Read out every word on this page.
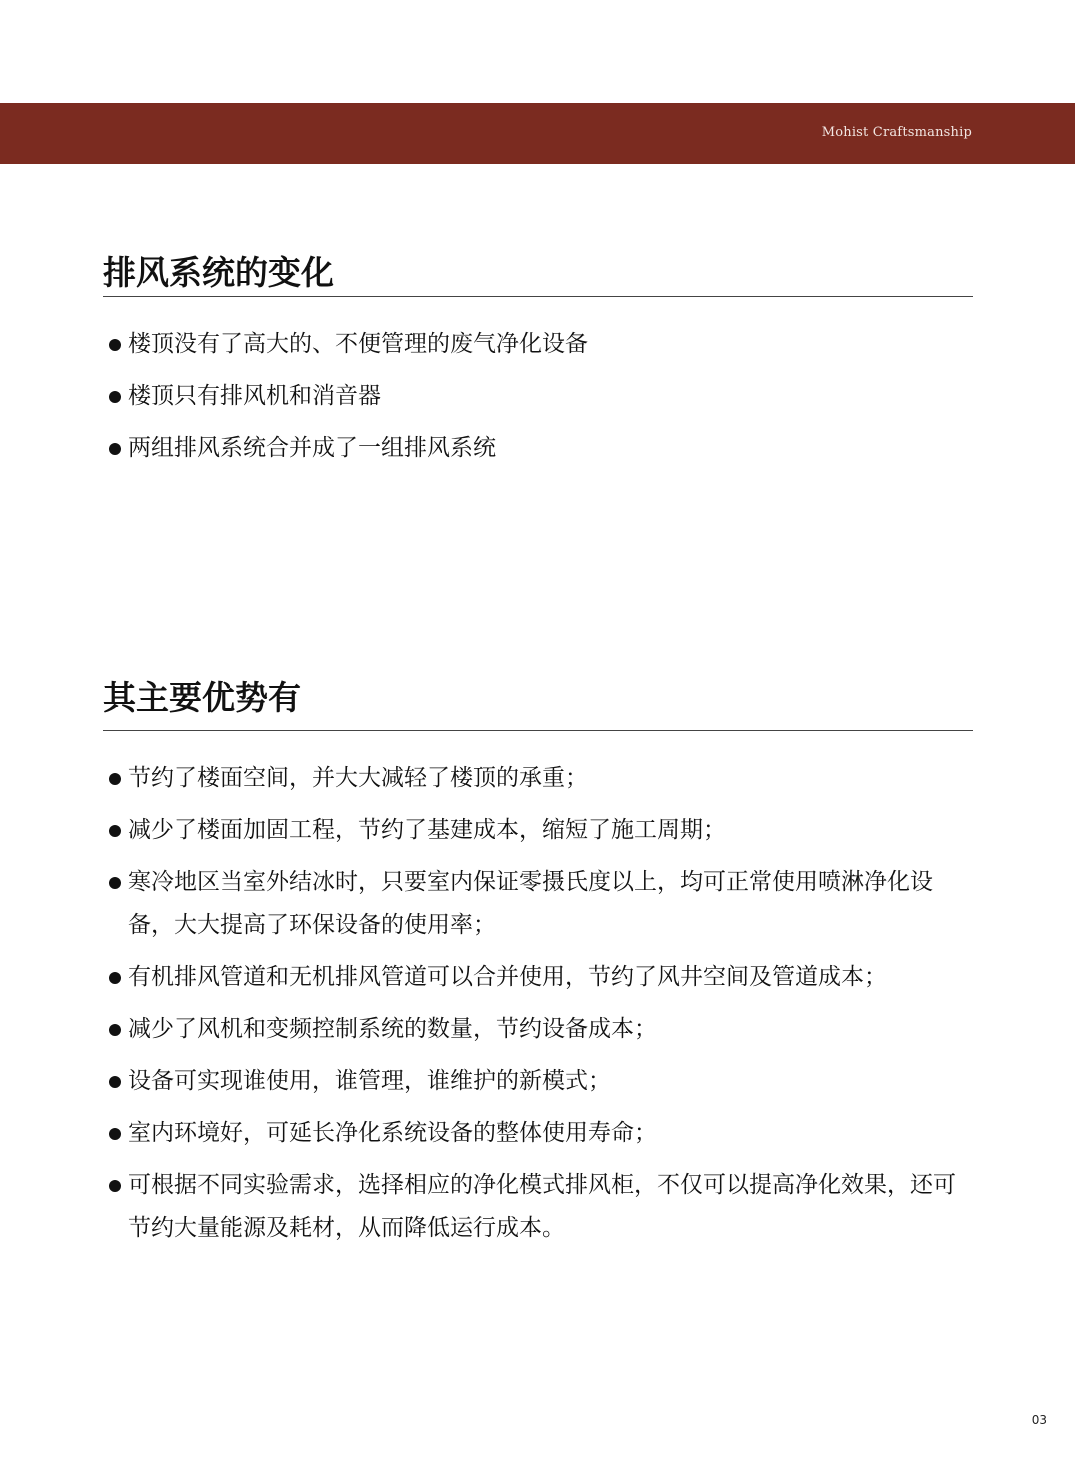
Mohist Craftsmanship
排风系统的变化
楼顶没有了高大的、不便管理的废气净化设备
楼顶只有排风机和消音器
两组排风系统合并成了一组排风系统
其主要优势有
节约了楼面空间，并大大减轻了楼顶的承重；
减少了楼面加固工程，节约了基建成本，缩短了施工周期；
寒冷地区当室外结冰时，只要室内保证零摄氏度以上，均可正常使用喷淋净化设备，大大提高了环保设备的使用率；
有机排风管道和无机排风管道可以合并使用，节约了风井空间及管道成本；
减少了风机和变频控制系统的数量，节约设备成本；
设备可实现谁使用，谁管理，谁维护的新模式；
室内环境好，可延长净化系统设备的整体使用寿命；
可根据不同实验需求，选择相应的净化模式排风柜，不仅可以提高净化效果，还可节约大量能源及耗材，从而降低运行成本。
03
